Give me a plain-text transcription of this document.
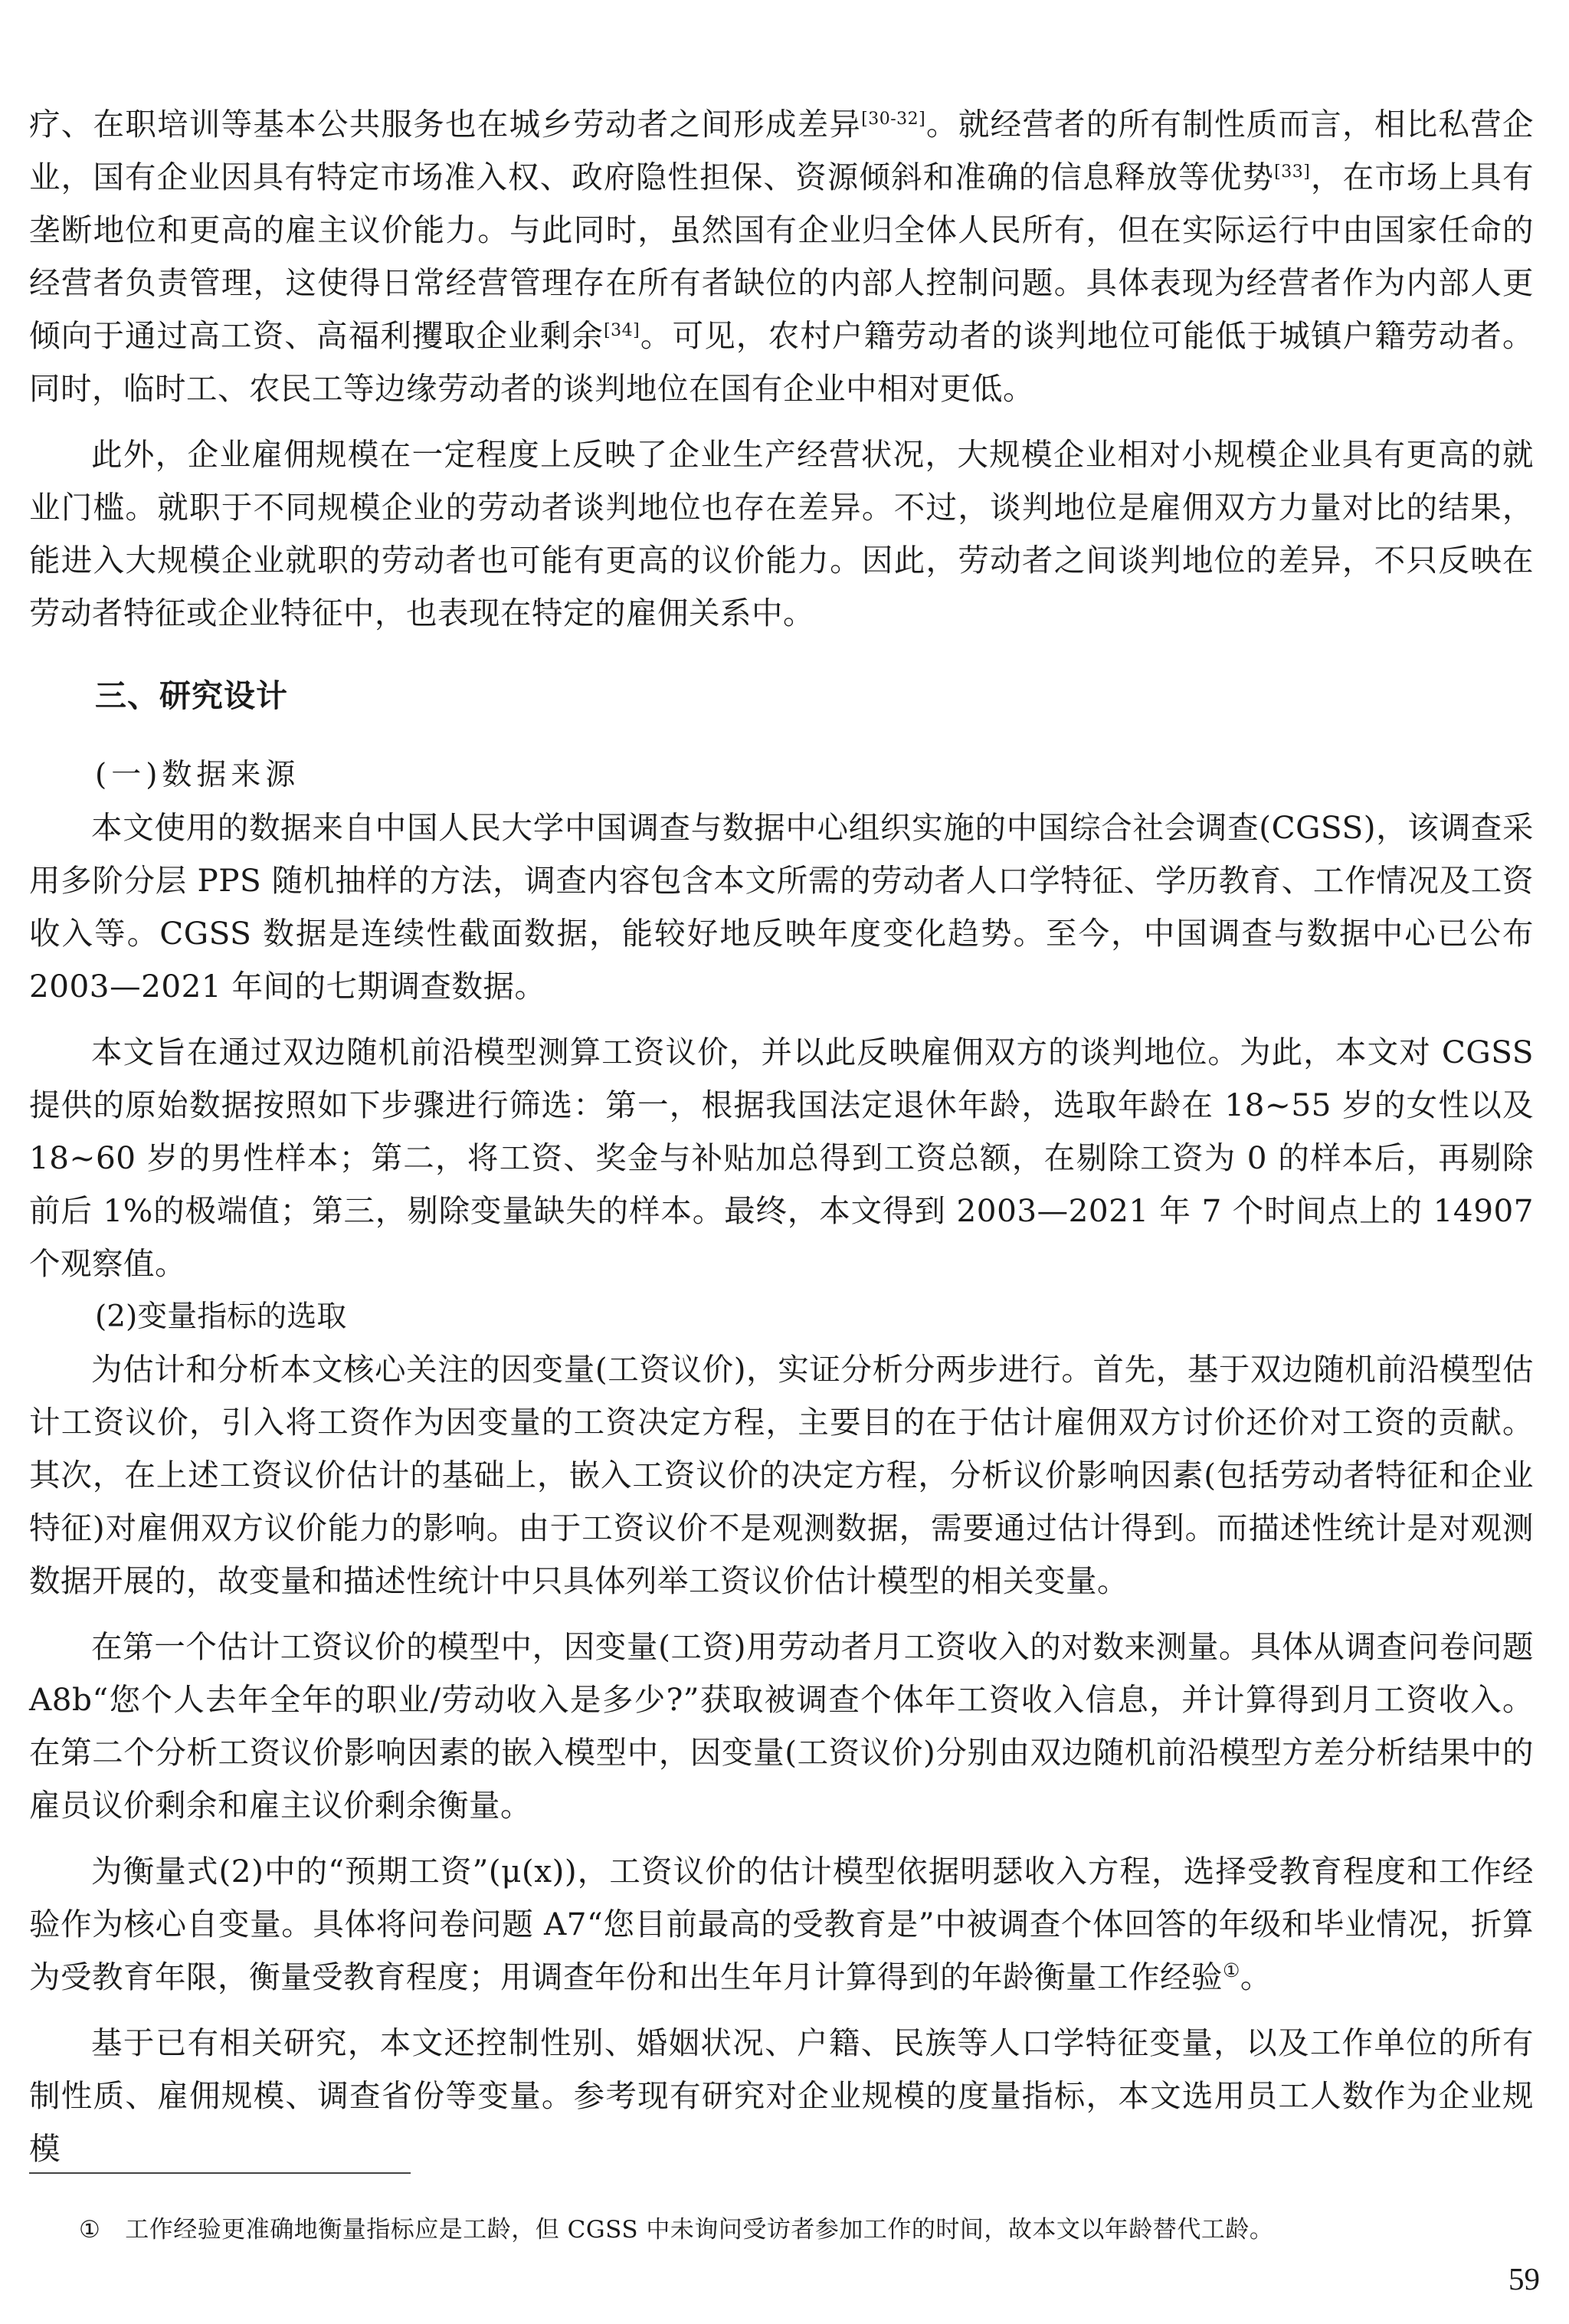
疗、在职培训等基本公共服务也在城乡劳动者之间形成差异[30-32]。就经营者的所有制性质而言，相比私营企业，国有企业因具有特定市场准入权、政府隐性担保、资源倾斜和准确的信息释放等优势[33]，在市场上具有垄断地位和更高的雇主议价能力。与此同时，虽然国有企业归全体人民所有，但在实际运行中由国家任命的经营者负责管理，这使得日常经营管理存在所有者缺位的内部人控制问题。具体表现为经营者作为内部人更倾向于通过高工资、高福利攫取企业剩余[34]。可见，农村户籍劳动者的谈判地位可能低于城镇户籍劳动者。同时，临时工、农民工等边缘劳动者的谈判地位在国有企业中相对更低。

此外，企业雇佣规模在一定程度上反映了企业生产经营状况，大规模企业相对小规模企业具有更高的就业门槛。就职于不同规模企业的劳动者谈判地位也存在差异。不过，谈判地位是雇佣双方力量对比的结果，能进入大规模企业就职的劳动者也可能有更高的议价能力。因此，劳动者之间谈判地位的差异，不只反映在劳动者特征或企业特征中，也表现在特定的雇佣关系中。

三、研究设计

(一)数据来源

本文使用的数据来自中国人民大学中国调查与数据中心组织实施的中国综合社会调查(CGSS)，该调查采用多阶分层 PPS 随机抽样的方法，调查内容包含本文所需的劳动者人口学特征、学历教育、工作情况及工资收入等。CGSS 数据是连续性截面数据，能较好地反映年度变化趋势。至今，中国调查与数据中心已公布 2003—2021 年间的七期调查数据。

本文旨在通过双边随机前沿模型测算工资议价，并以此反映雇佣双方的谈判地位。为此，本文对 CGSS 提供的原始数据按照如下步骤进行筛选：第一，根据我国法定退休年龄，选取年龄在 18~55 岁的女性以及 18~60 岁的男性样本；第二，将工资、奖金与补贴加总得到工资总额，在剔除工资为 0 的样本后，再剔除前后 1%的极端值；第三，剔除变量缺失的样本。最终，本文得到 2003—2021 年 7 个时间点上的 14907 个观察值。

(2)变量指标的选取

为估计和分析本文核心关注的因变量(工资议价)，实证分析分两步进行。首先，基于双边随机前沿模型估计工资议价，引入将工资作为因变量的工资决定方程，主要目的在于估计雇佣双方讨价还价对工资的贡献。其次，在上述工资议价估计的基础上，嵌入工资议价的决定方程，分析议价影响因素(包括劳动者特征和企业特征)对雇佣双方议价能力的影响。由于工资议价不是观测数据，需要通过估计得到。而描述性统计是对观测数据开展的，故变量和描述性统计中只具体列举工资议价估计模型的相关变量。

在第一个估计工资议价的模型中，因变量(工资)用劳动者月工资收入的对数来测量。具体从调查问卷问题 A8b“您个人去年全年的职业/劳动收入是多少?”获取被调查个体年工资收入信息，并计算得到月工资收入。在第二个分析工资议价影响因素的嵌入模型中，因变量(工资议价)分别由双边随机前沿模型方差分析结果中的雇员议价剩余和雇主议价剩余衡量。

为衡量式(2)中的“预期工资”(μ(x))，工资议价的估计模型依据明瑟收入方程，选择受教育程度和工作经验作为核心自变量。具体将问卷问题 A7“您目前最高的受教育是”中被调查个体回答的年级和毕业情况，折算为受教育年限，衡量受教育程度；用调查年份和出生年月计算得到的年龄衡量工作经验①。

基于已有相关研究，本文还控制性别、婚姻状况、户籍、民族等人口学特征变量，以及工作单位的所有制性质、雇佣规模、调查省份等变量。参考现有研究对企业规模的度量指标，本文选用员工人数作为企业规模

① 工作经验更准确地衡量指标应是工龄，但 CGSS 中未询问受访者参加工作的时间，故本文以年龄替代工龄。
59
